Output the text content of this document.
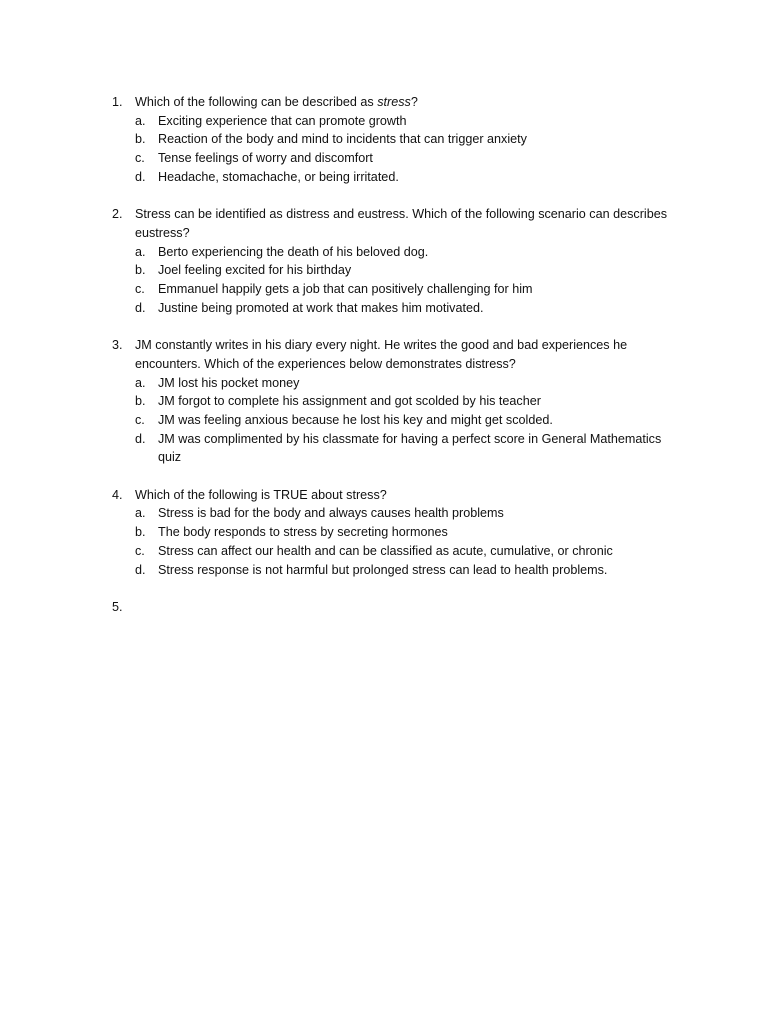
1. Which of the following can be described as stress?
a. Exciting experience that can promote growth
b. Reaction of the body and mind to incidents that can trigger anxiety
c.	Tense feelings of worry and discomfort
d. Headache, stomachache, or being irritated.
2. Stress can be identified as distress and eustress. Which of the following scenario can describes eustress?
a. Berto experiencing the death of his beloved dog.
b. Joel feeling excited for his birthday
c.	Emmanuel happily gets a job that can positively challenging for him
d. Justine being promoted at work that makes him motivated.
3. JM constantly writes in his diary every night. He writes the good and bad experiences he encounters. Which of the experiences below demonstrates distress?
a. JM lost his pocket money
b. JM forgot to complete his assignment and got scolded by his teacher
c.	JM was feeling anxious because he lost his key and might get scolded.
d. JM was complimented by his classmate for having a perfect score in General Mathematics quiz
4. Which of the following is TRUE about stress?
a. Stress is bad for the body and always causes health problems
b. The body responds to stress by secreting hormones
c.	Stress can affect our health and can be classified as acute, cumulative, or chronic
d. Stress response is not harmful but prolonged stress can lead to health problems.
5.
